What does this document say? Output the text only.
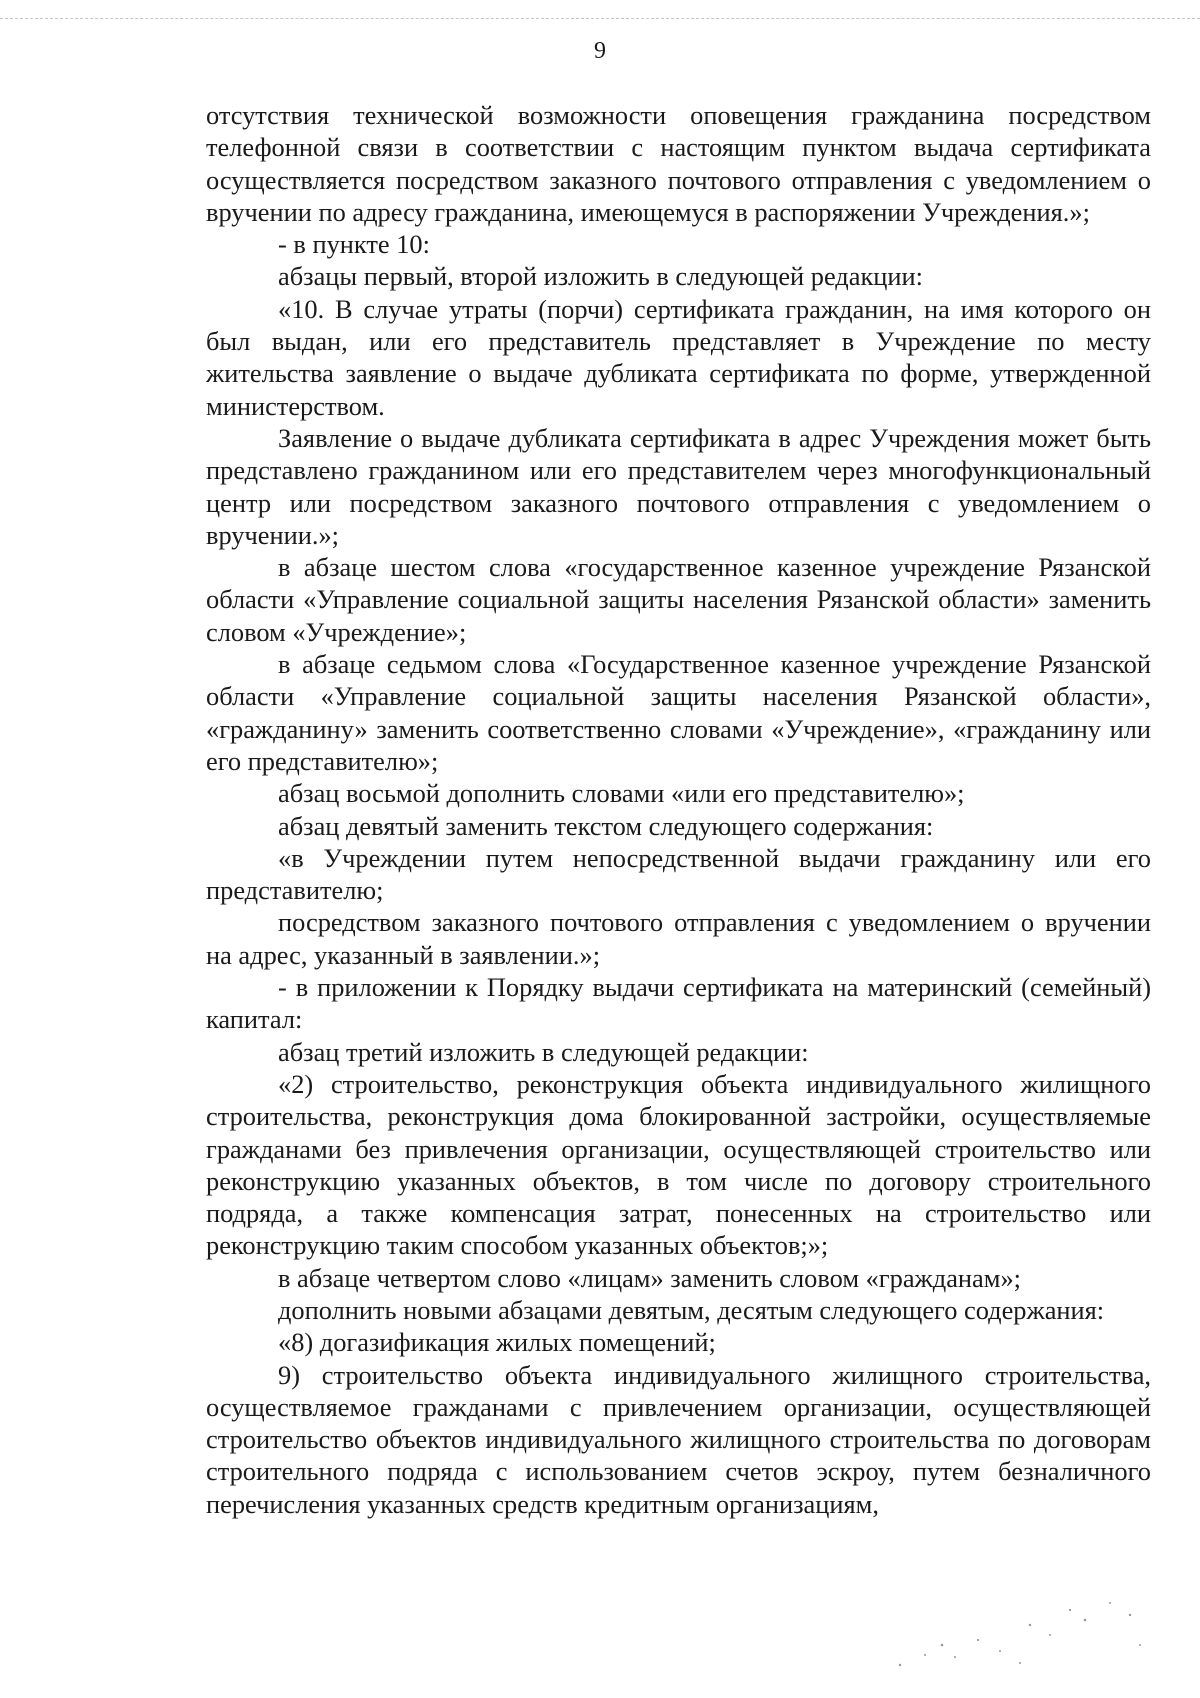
9

отсутствия технической возможности оповещения гражданина посредством телефонной связи в соответствии с настоящим пунктом выдача сертификата осуществляется посредством заказного почтового отправления с уведомлением о вручении по адресу гражданина, имеющемуся в распоряжении Учреждения.»;

- в пункте 10:

абзацы первый, второй изложить в следующей редакции:

«10. В случае утраты (порчи) сертификата гражданин, на имя которого он был выдан, или его представитель представляет в Учреждение по месту жительства заявление о выдаче дубликата сертификата по форме, утвержденной министерством.

Заявление о выдаче дубликата сертификата в адрес Учреждения может быть представлено гражданином или его представителем через многофункциональный центр или посредством заказного почтового отправления с уведомлением о вручении.»;

в абзаце шестом слова «государственное казенное учреждение Рязанской области «Управление социальной защиты населения Рязанской области» заменить словом «Учреждение»;

в абзаце седьмом слова «Государственное казенное учреждение Рязанской области «Управление социальной защиты населения Рязанской области», «гражданину» заменить соответственно словами «Учреждение», «гражданину или его представителю»;

абзац восьмой дополнить словами «или его представителю»;

абзац девятый заменить текстом следующего содержания:

«в Учреждении путем непосредственной выдачи гражданину или его представителю;

посредством заказного почтового отправления с уведомлением о вручении на адрес, указанный в заявлении.»;

- в приложении к Порядку выдачи сертификата на материнский (семейный) капитал:

абзац третий изложить в следующей редакции:

«2) строительство, реконструкция объекта индивидуального жилищного строительства, реконструкция дома блокированной застройки, осуществляемые гражданами без привлечения организации, осуществляющей строительство или реконструкцию указанных объектов, в том числе по договору строительного подряда, а также компенсация затрат, понесенных на строительство или реконструкцию таким способом указанных объектов;»;

в абзаце четвертом слово «лицам» заменить словом «гражданам»;

дополнить новыми абзацами девятым, десятым следующего содержания:

«8) догазификация жилых помещений;

9) строительство объекта индивидуального жилищного строительства, осуществляемое гражданами с привлечением организации, осуществляющей строительство объектов индивидуального жилищного строительства по договорам строительного подряда с использованием счетов эскроу, путем безналичного перечисления указанных средств кредитным организациям,
